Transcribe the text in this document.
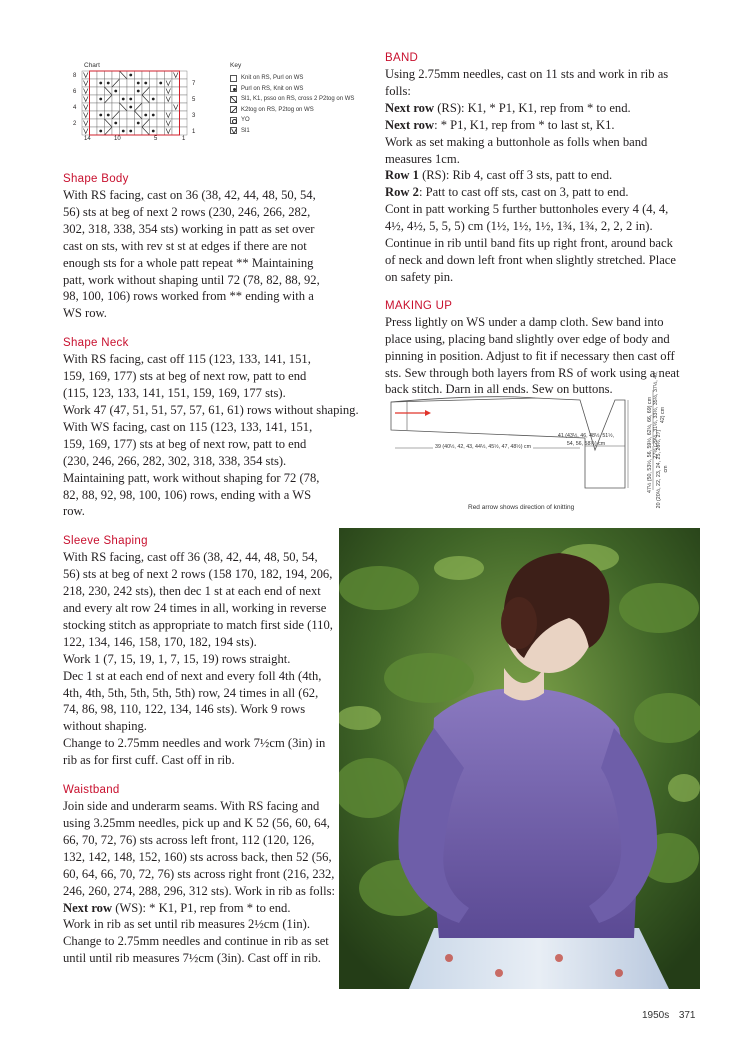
Chart
8
7
6
5
4
3
2
1
14	10	5	1
Key
Knit on RS, Purl on WS
Purl on RS, Knit on WS
Sl1, K1, psso on RS, cross 2 P2tog on WS
K2tog on RS, P2tog on WS
YO
Sl1
Shape Body

With RS facing, cast on 36 (38, 42, 44, 48, 50, 54, 56) sts at beg of next 2 rows (230, 246, 266, 282, 302, 318, 338, 354 sts) working in patt as set over cast on sts, with rev st st at edges if there are not enough sts for a whole patt repeat ** Maintaining patt, work without shaping until 72 (78, 82, 88, 92, 98, 100, 106) rows worked from ** ending with a WS row.

Shape Neck

With RS facing, cast off 115 (123, 133, 141, 151, 159, 169, 177) sts at beg of next row, patt to end (115, 123, 133, 141, 151, 159, 169, 177 sts).

Work 47 (47, 51, 51, 57, 57, 61, 61) rows without shaping.

With WS facing, cast on 115 (123, 133, 141, 151, 159, 169, 177) sts at beg of next row, patt to end (230, 246, 266, 282, 302, 318, 338, 354 sts).

Maintaining patt, work without shaping for 72 (78, 82, 88, 92, 98, 100, 106) rows, ending with a WS row.

Sleeve Shaping

With RS facing, cast off 36 (38, 42, 44, 48, 50, 54, 56) sts at beg of next 2 rows (158 170, 182, 194, 206, 218, 230, 242 sts), then dec 1 st at each end of next and every alt row 24 times in all, working in reverse stocking stitch as appropriate to match first side (110, 122, 134, 146, 158, 170, 182, 194 sts).

Work 1 (7, 15, 19, 1, 7, 15, 19) rows straight.

Dec 1 st at each end of next and every foll 4th (4th, 4th, 4th, 5th, 5th, 5th, 5th) row, 24 times in all (62, 74, 86, 98, 110, 122, 134, 146 sts). Work 9 rows without shaping.

Change to 2.75mm needles and work 7½cm (3in) in rib as for first cuff. Cast off in rib.

Waistband

Join side and underarm seams. With RS facing and using 3.25mm needles, pick up and K 52 (56, 60, 64, 66, 70, 72, 76) sts across left front, 112 (120, 126, 132, 142, 148, 152, 160) sts across back, then 52 (56, 60, 64, 66, 70, 72, 76) sts across right front (216, 232, 246, 260, 274, 288, 296, 312 sts). Work in rib as folls:

Next row (WS): * K1, P1, rep from * to end.

Work in rib as set until rib measures 2½cm (1in). Change to 2.75mm needles and continue in rib as set until until rib measures 7½cm (3in). Cast off in rib.

BAND

Using 2.75mm needles, cast on 11 sts and work in rib as folls:

Next row (RS): K1, * P1, K1, rep from * to end.

Next row: * P1, K1, rep from * to last st, K1.

Work as set making a buttonhole as folls when band measures 1cm.

Row 1 (RS): Rib 4, cast off 3 sts, patt to end.

Row 2: Patt to cast off sts, cast on 3, patt to end.

Cont in patt working 5 further buttonholes every 4 (4, 4, 4½, 4½, 5, 5, 5) cm (1½, 1½, 1½, 1¾, 1¾, 2, 2, 2 in). Continue in rib until band fits up right front, around back of neck and down left front when slightly stretched. Place on safety pin.

MAKING UP

Press lightly on WS under a damp cloth. Sew band into place using, placing band slightly over edge of body and pinning in position. Adjust to fit if necessary then cast off sts. Sew through both layers from RS of work using a neat back stitch. Darn in all ends. Sew on buttons.

39 (40½, 42, 43, 44½, 45½, 47, 48½) cm
41 (43½, 46, 48½, 51½, 54, 56, 58½) cm	47½ (50, 53½, 56, 59½, 62½, 66, 69) cm 27½ (29½, 31½, 33½, 35½, 37½, 40, 42) cm
20 (20½, 22, 23, 24, 25, 26½, 27) cm
Red arrow shows direction of knitting
1950s 371
